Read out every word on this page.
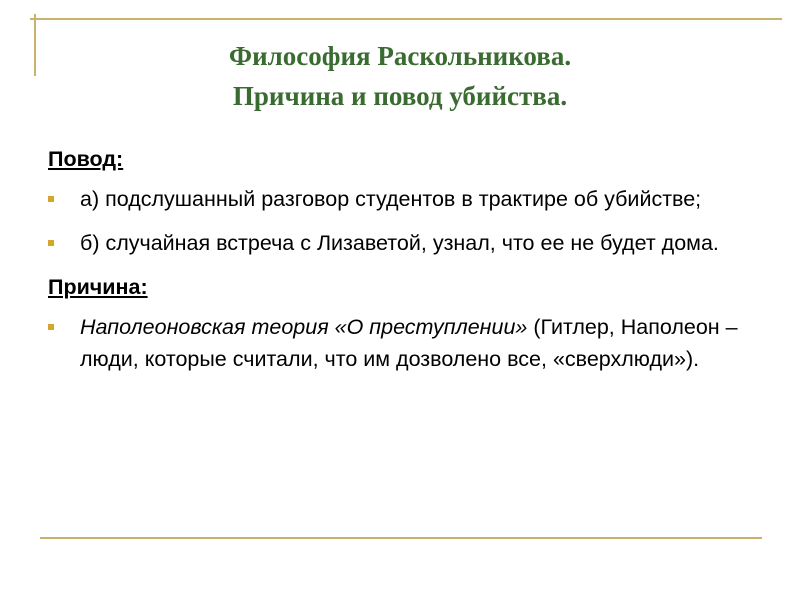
Философия Раскольникова.
Причина и повод убийства.
Повод:
а) подслушанный разговор студентов в трактире об убийстве;
б) случайная встреча с Лизаветой, узнал, что ее не будет дома.
Причина:
Наполеоновская теория «О преступлении» (Гитлер, Наполеон – люди, которые считали, что им дозволено все, «сверхлюди»).
